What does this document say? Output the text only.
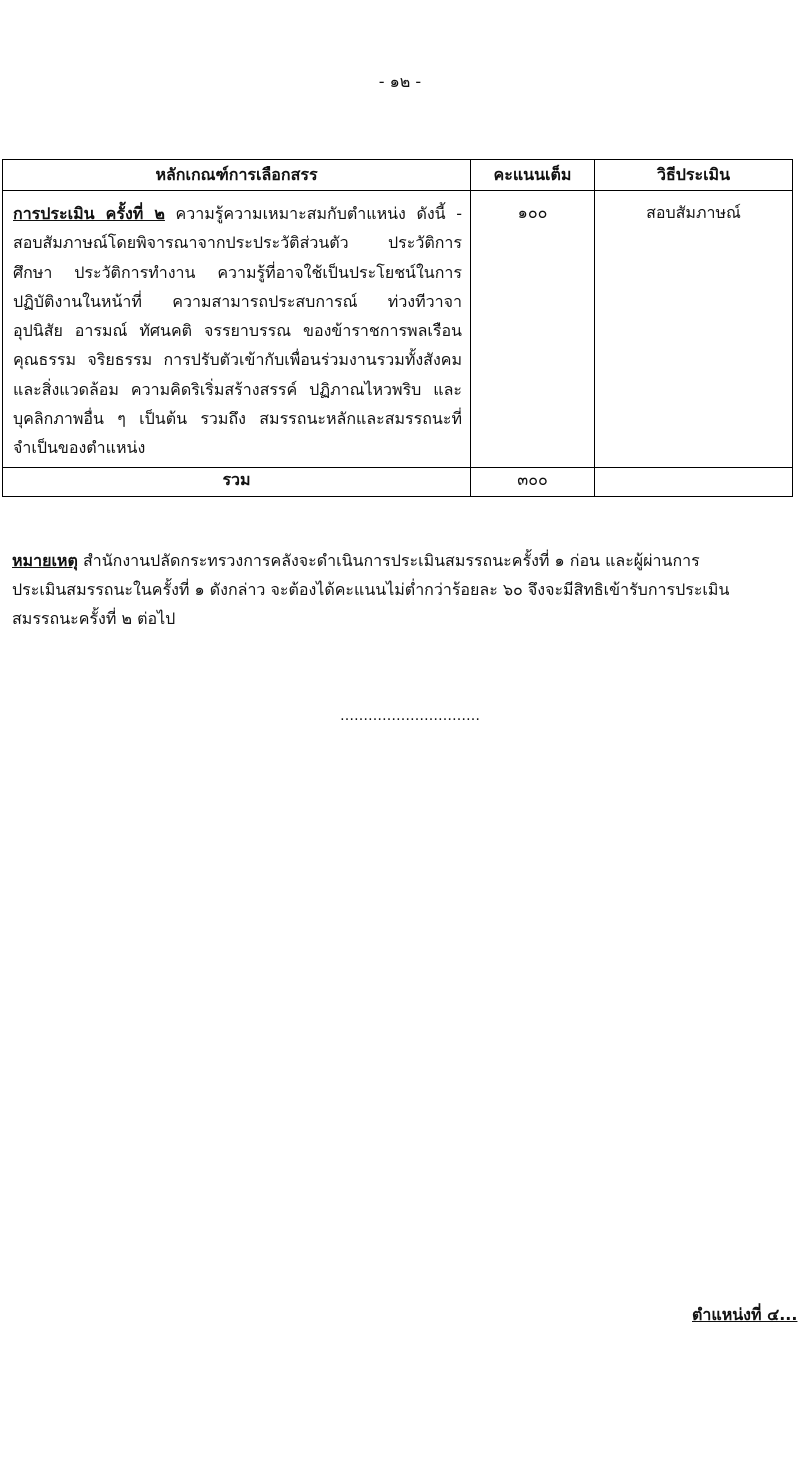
- ๑๒ -
หลักเกณฑ์การเลือกสรร	คะแนนเต็ม	วิธีประเมิน
การประเมิน ครั้งที่ ๒ ความรู้ความเหมาะสมกับตำแหน่ง ดังนี้ - สอบสัมภาษณ์โดยพิจารณาจากประประวัติส่วนตัว ประวัติการศึกษา ประวัติการทำงาน ความรู้ที่อาจใช้เป็นประโยชน์ในการปฏิบัติงานในหน้าที่ ความสามารถประสบการณ์ ท่วงทีวาจา อุปนิสัย อารมณ์ ทัศนคติ จรรยาบรรณ ของข้าราชการพลเรือน คุณธรรม จริยธรรม การปรับตัวเข้ากับเพื่อนร่วมงานรวมทั้งสังคมและสิ่งแวดล้อม ความคิดริเริ่มสร้างสรรค์ ปฏิภาณไหวพริบ และบุคลิกภาพอื่น ๆ เป็นต้น รวมถึง สมรรถนะหลักและสมรรถนะที่จำเป็นของตำแหน่ง	๑๐๐	สอบสัมภาษณ์
รวม	๓๐๐	
หมายเหตุ สำนักงานปลัดกระทรวงการคลังจะดำเนินการประเมินสมรรถนะครั้งที่ ๑ ก่อน และผู้ผ่านการ
ประเมินสมรรถนะในครั้งที่ ๑ ดังกล่าว จะต้องได้คะแนนไม่ต่ำกว่าร้อยละ ๖๐ จึงจะมีสิทธิเข้ารับการประเมิน
สมรรถนะครั้งที่ ๒ ต่อไป
…………………………
ตำแหน่งที่ ๔...
